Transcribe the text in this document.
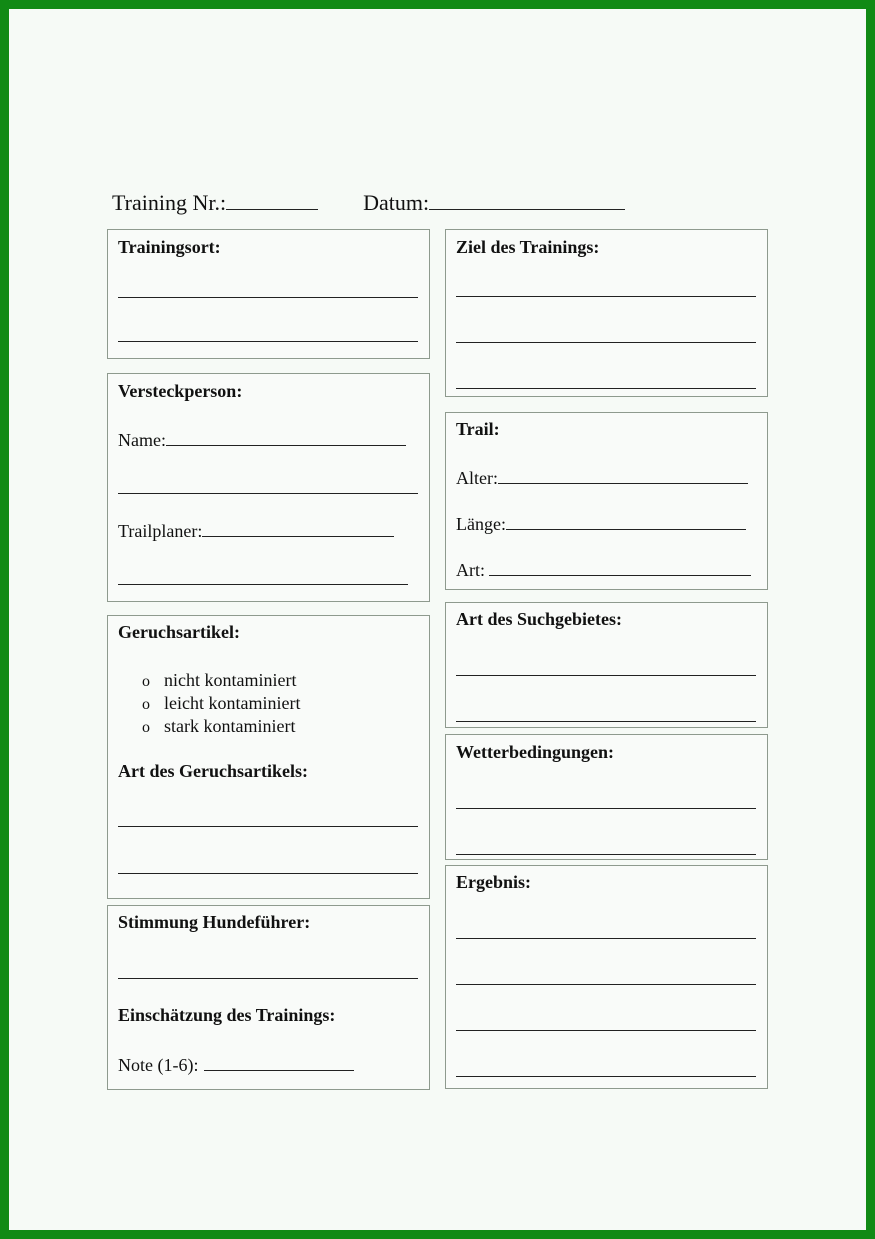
Training Nr.:	Datum:
Trainingsort:
Versteckperson:
Name:
Trailplaner:
Geruchsartikel:
o nicht kontaminiert
o leicht kontaminiert
o stark kontaminiert
Art des Geruchsartikels:
Stimmung Hundeführer:
Einschätzung des Trainings:
Note (1-6):
Ziel des Trainings:
Trail:
Alter:
Länge:
Art:
Art des Suchgebietes:
Wetterbedingungen:
Ergebnis:
